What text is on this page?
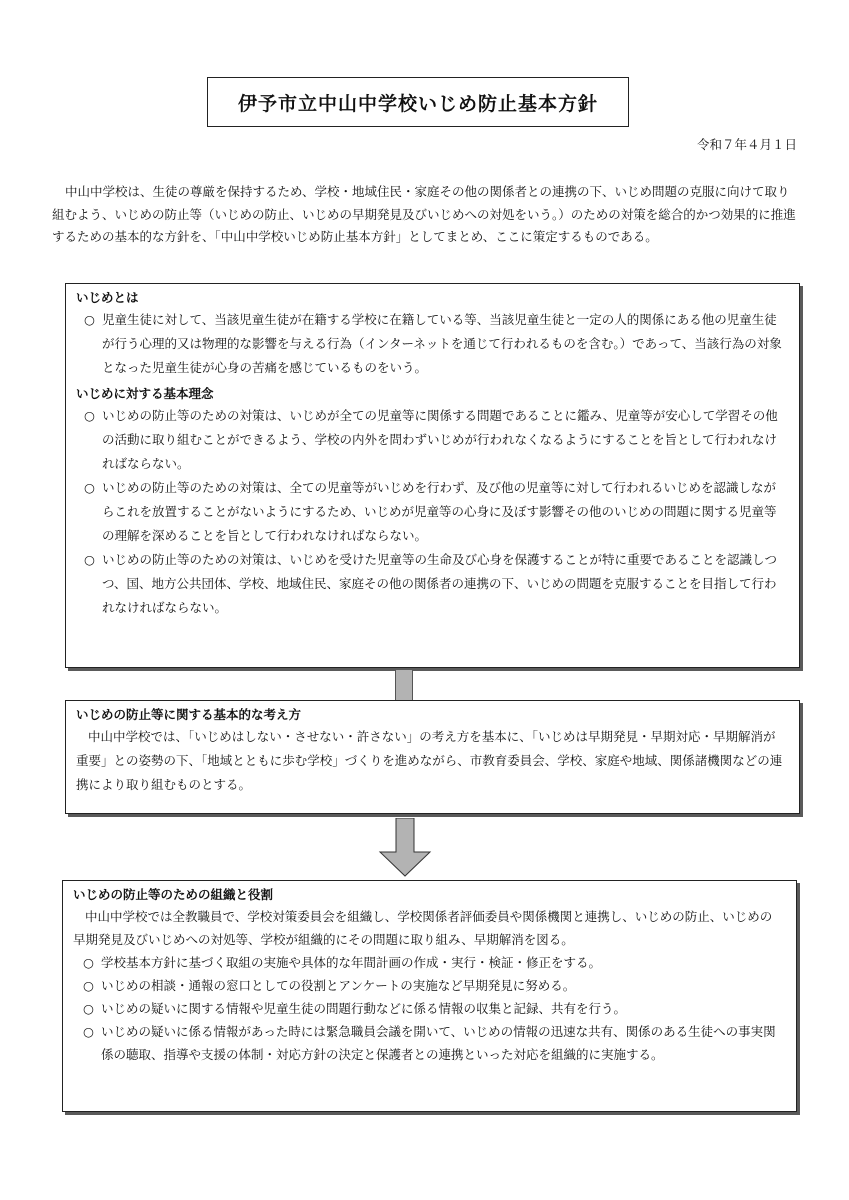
伊予市立中山中学校いじめ防止基本方針
令和７年４月１日

中山中学校は、生徒の尊厳を保持するため、学校・地域住民・家庭その他の関係者との連携の下、いじめ問題の克服に向けて取り組むよう、いじめの防止等（いじめの防止、いじめの早期発見及びいじめへの対処をいう。）のための対策を総合的かつ効果的に推進するための基本的な方針を、「中山中学校いじめ防止基本方針」としてまとめ、ここに策定するものである。

いじめとは

○ 児童生徒に対して、当該児童生徒が在籍する学校に在籍している等、当該児童生徒と一定の人的関係にある他の児童生徒が行う心理的又は物理的な影響を与える行為（インターネットを通じて行われるものを含む。）であって、当該行為の対象となった児童生徒が心身の苦痛を感じているものをいう。

いじめに対する基本理念

○ いじめの防止等のための対策は、いじめが全ての児童等に関係する問題であることに鑑み、児童等が安心して学習その他の活動に取り組むことができるよう、学校の内外を問わずいじめが行われなくなるようにすることを旨として行われなければならない。

○ いじめの防止等のための対策は、全ての児童等がいじめを行わず、及び他の児童等に対して行われるいじめを認識しながらこれを放置することがないようにするため、いじめが児童等の心身に及ぼす影響その他のいじめの問題に関する児童等の理解を深めることを旨として行われなければならない。

○ いじめの防止等のための対策は、いじめを受けた児童等の生命及び心身を保護することが特に重要であることを認識しつつ、国、地方公共団体、学校、地域住民、家庭その他の関係者の連携の下、いじめの問題を克服することを目指して行われなければならない。

いじめの防止等に関する基本的な考え方

中山中学校では、「いじめはしない・させない・許さない」の考え方を基本に、「いじめは早期発見・早期対応・早期解消が重要」との姿勢の下、「地域とともに歩む学校」づくりを進めながら、市教育委員会、学校、家庭や地域、関係諸機関などの連携により取り組むものとする。

いじめの防止等のための組織と役割

中山中学校では全教職員で、学校対策委員会を組織し、学校関係者評価委員や関係機関と連携し、いじめの防止、いじめの早期発見及びいじめへの対処等、学校が組織的にその問題に取り組み、早期解消を図る。

○ 学校基本方針に基づく取組の実施や具体的な年間計画の作成・実行・検証・修正をする。

○ いじめの相談・通報の窓口としての役割とアンケートの実施など早期発見に努める。

○ いじめの疑いに関する情報や児童生徒の問題行動などに係る情報の収集と記録、共有を行う。

○ いじめの疑いに係る情報があった時には緊急職員会議を開いて、いじめの情報の迅速な共有、関係のある生徒への事実関係の聴取、指導や支援の体制・対応方針の決定と保護者との連携といった対応を組織的に実施する。
